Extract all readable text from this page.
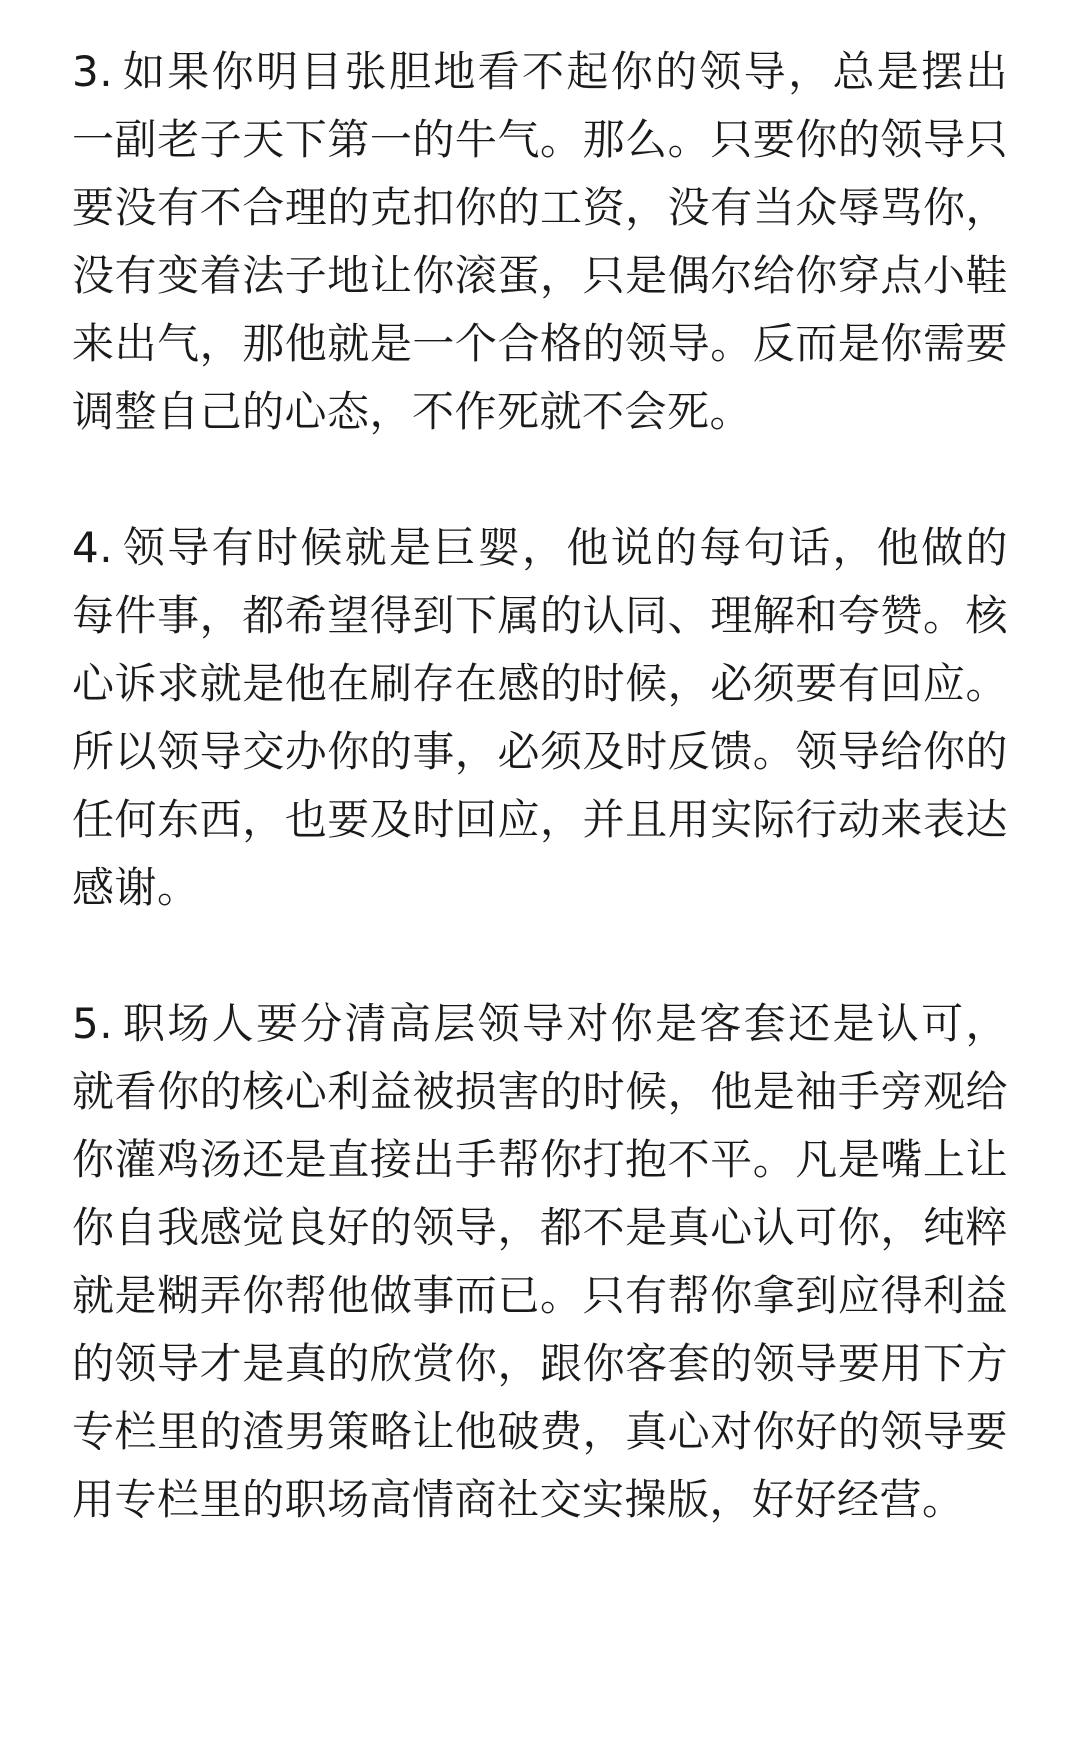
3. 如果你明目张胆地看不起你的领导，总是摆出一副老子天下第一的牛气。那么。只要你的领导只要没有不合理的克扣你的工资，没有当众辱骂你，没有变着法子地让你滚蛋，只是偶尔给你穿点小鞋来出气，那他就是一个合格的领导。反而是你需要调整自己的心态，不作死就不会死。

4. 领导有时候就是巨婴，他说的每句话，他做的每件事，都希望得到下属的认同、理解和夸赞。核心诉求就是他在刷存在感的时候，必须要有回应。所以领导交办你的事，必须及时反馈。领导给你的任何东西，也要及时回应，并且用实际行动来表达感谢。

5. 职场人要分清高层领导对你是客套还是认可，就看你的核心利益被损害的时候，他是袖手旁观给你灌鸡汤还是直接出手帮你打抱不平。凡是嘴上让你自我感觉良好的领导，都不是真心认可你，纯粹就是糊弄你帮他做事而已。只有帮你拿到应得利益的领导才是真的欣赏你，跟你客套的领导要用下方专栏里的渣男策略让他破费，真心对你好的领导要用专栏里的职场高情商社交实操版，好好经营。
